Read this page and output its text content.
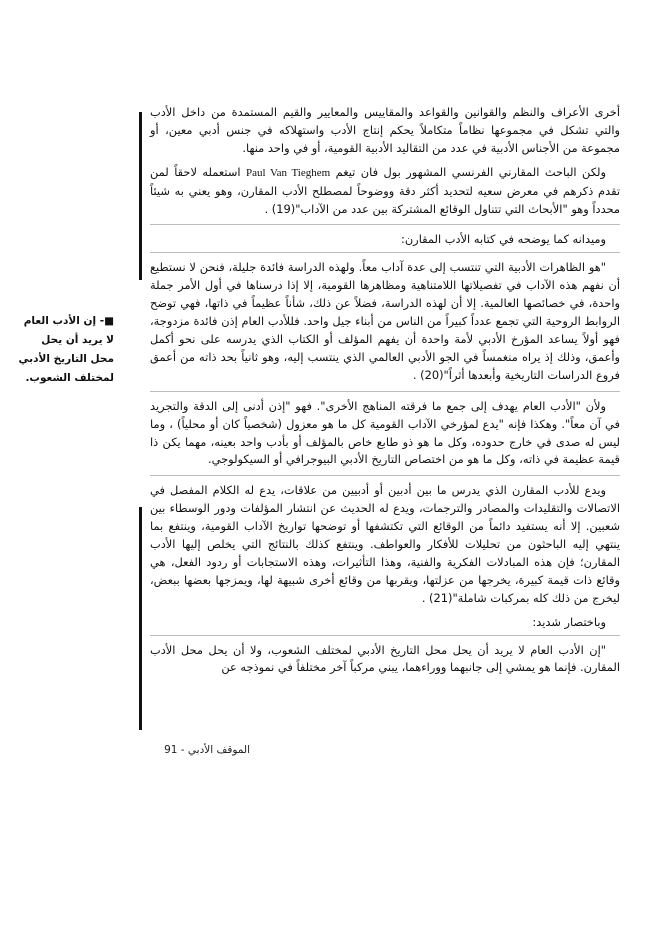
أخرى الأعراف والنظم والقوانين والقواعد والمقاييس والمعايير والقيم المستمدة من داخل الأدب والتي تشكل في مجموعها نظاماً متكاملاً يحكم إنتاج الأدب واستهلاكه في جنس أدبي معين، أو مجموعة من الأجناس الأدبية في عدد من التقاليد الأدبية القومية، أو في واحد منها.

ولكن الباحث المقارني الفرنسي المشهور بول فان تيغم Paul Van Tieghem استعمله لاحقاً لمن تقدم ذكرهم في معرض سعيه لتحديد أكثر دقة ووضوحاً لمصطلح الأدب المقارن، وهو يعني به شيئاً محدداً وهو "الأبحاث التي تتناول الوقائع المشتركة بين عدد من الآداب"(19) .

وميدانه كما يوضحه في كتابه الأدب المقارن:

"هو الظاهرات الأدبية التي تنتسب إلى عدة آداب معاً. ولهذه الدراسة فائدة جليلة، فنحن لا نستطيع أن نفهم هذه الآداب في تفصيلاتها اللامتناهية ومظاهرها القومية، إلا إذا درسناها في أول الأمر جملة واحدة، في خصائصها العالمية. إلا أن لهذه الدراسة، فضلاً عن ذلك، شأناً عظيماً في ذاتها، فهي توضح الروابط الروحية التي تجمع عدداً كبيراً من الناس من أبناء جيل واحد. فللأدب العام إذن فائدة مزدوجة، فهو أولاً يساعد المؤرخ الأدبي لأمة واحدة أن يفهم المؤلف أو الكتاب الذي يدرسه على نحو أكمل وأعمق، وذلك إذ يراه منغمساً في الجو الأدبي العالمي الذي ينتسب إليه، وهو ثانياً بحد ذاته من أعمق فروع الدراسات التاريخية وأبعدها أثراً"(20) .

ولأن "الأدب العام يهدف إلى جمع ما فرقته المناهج الأخرى". فهو "إذن أدنى إلى الدقة والتجريد في آن معاً". وهكذا فإنه "يدع لمؤرخي الآداب القومية كل ما هو معزول (شخصياً كان أو محلياً) ، وما ليس له صدى في خارج حدوده، وكل ما هو ذو طابع خاص بالمؤلف أو بأدب واحد بعينه، مهما يكن ذا قيمة عظيمة في ذاته، وكل ما هو من اختصاص التاريخ الأدبي البيوجرافي أو السيكولوجي.

ويدع للأدب المقارن الذي يدرس ما بين أدبين أو أدبيين من علاقات، يدع له الكلام المفصل في الاتصالات والتقليدات والمصادر والترجمات، ويدع له الحديث عن انتشار المؤلفات ودور الوسطاء بين شعبين. إلا أنه يستفيد دائماً من الوقائع التي تكتشفها أو توضحها تواريخ الآداب القومية، وينتفع بما ينتهي إليه الباحثون من تحليلات للأفكار والعواطف. وينتفع كذلك بالنتائج التي يخلص إليها الأدب المقارن؛ فإن هذه المبادلات الفكرية والفنية، وهذا التأثيرات، وهذه الاستجابات أو ردود الفعل، هي وقائع ذات قيمة كبيرة، يخرجها من عزلتها، ويقربها من وقائع أخرى شبيهة لها، ويمزجها بعضها ببعض، ليخرج من ذلك كله بمركبات شاملة"(21) .

وباختصار شديد:

"إن الأدب العام لا يريد أن يحل محل التاريخ الأدبي لمختلف الشعوب، ولا أن يحل محل الأدب المقارن. فإنما هو يمشي إلى جانبهما ووراءهما، يبني مركباً آخر مختلفاً في نموذجه عن

■- إن الأدب العام لا يريد أن يحل محل التاريخ الأدبي لمختلف الشعوب.
الموقف الأدبي - 91
